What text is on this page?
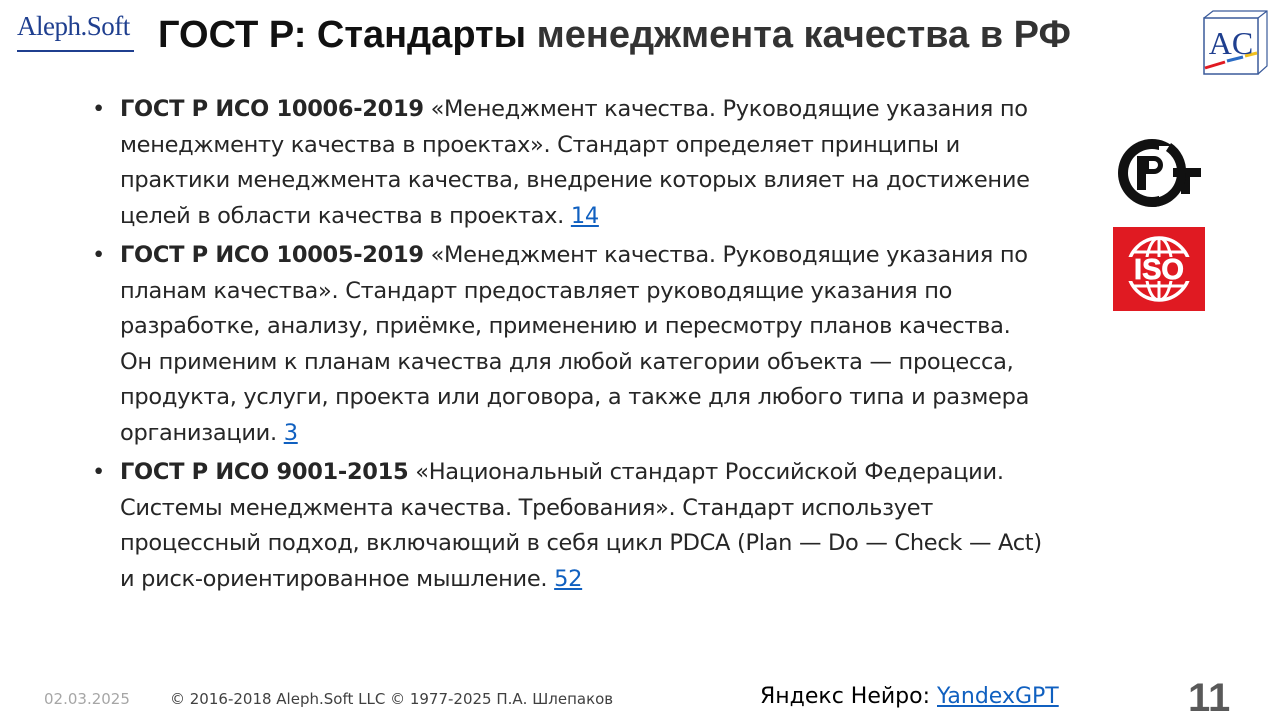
Aleph.Soft ГОСТ Р: Стандарты менеджмента качества в РФ	AC
• ГОСТ Р ИСО 10006-2019 «Менеджмент качества. Руководящие указания по менеджменту качества в проектах». Стандарт определяет принципы и практики менеджмента качества, внедрение которых влияет на достижение целей в области качества в проектах. 14
• ГОСТ Р ИСО 10005-2019 «Менеджмент качества. Руководящие указания по планам качества». Стандарт предоставляет руководящие указания по разработке, анализу, приёмке, применению и пересмотру планов качества. Он применим к планам качества для любой категории объекта — процесса, продукта, услуги, проекта или договора, а также для любого типа и размера организации. 3
• ГОСТ Р ИСО 9001-2015 «Национальный стандарт Российской Федерации. Системы менеджмента качества. Требования». Стандарт использует процессный подход, включающий в себя цикл PDCA (Plan — Do — Check — Act) и риск-ориентированное мышление. 52
ISO
02.03.2025	© 2016-2018 Aleph.Soft LLC © 1977-2025 П.А. Шлепаков	Яндекс Нейро: YandexGPT	11
